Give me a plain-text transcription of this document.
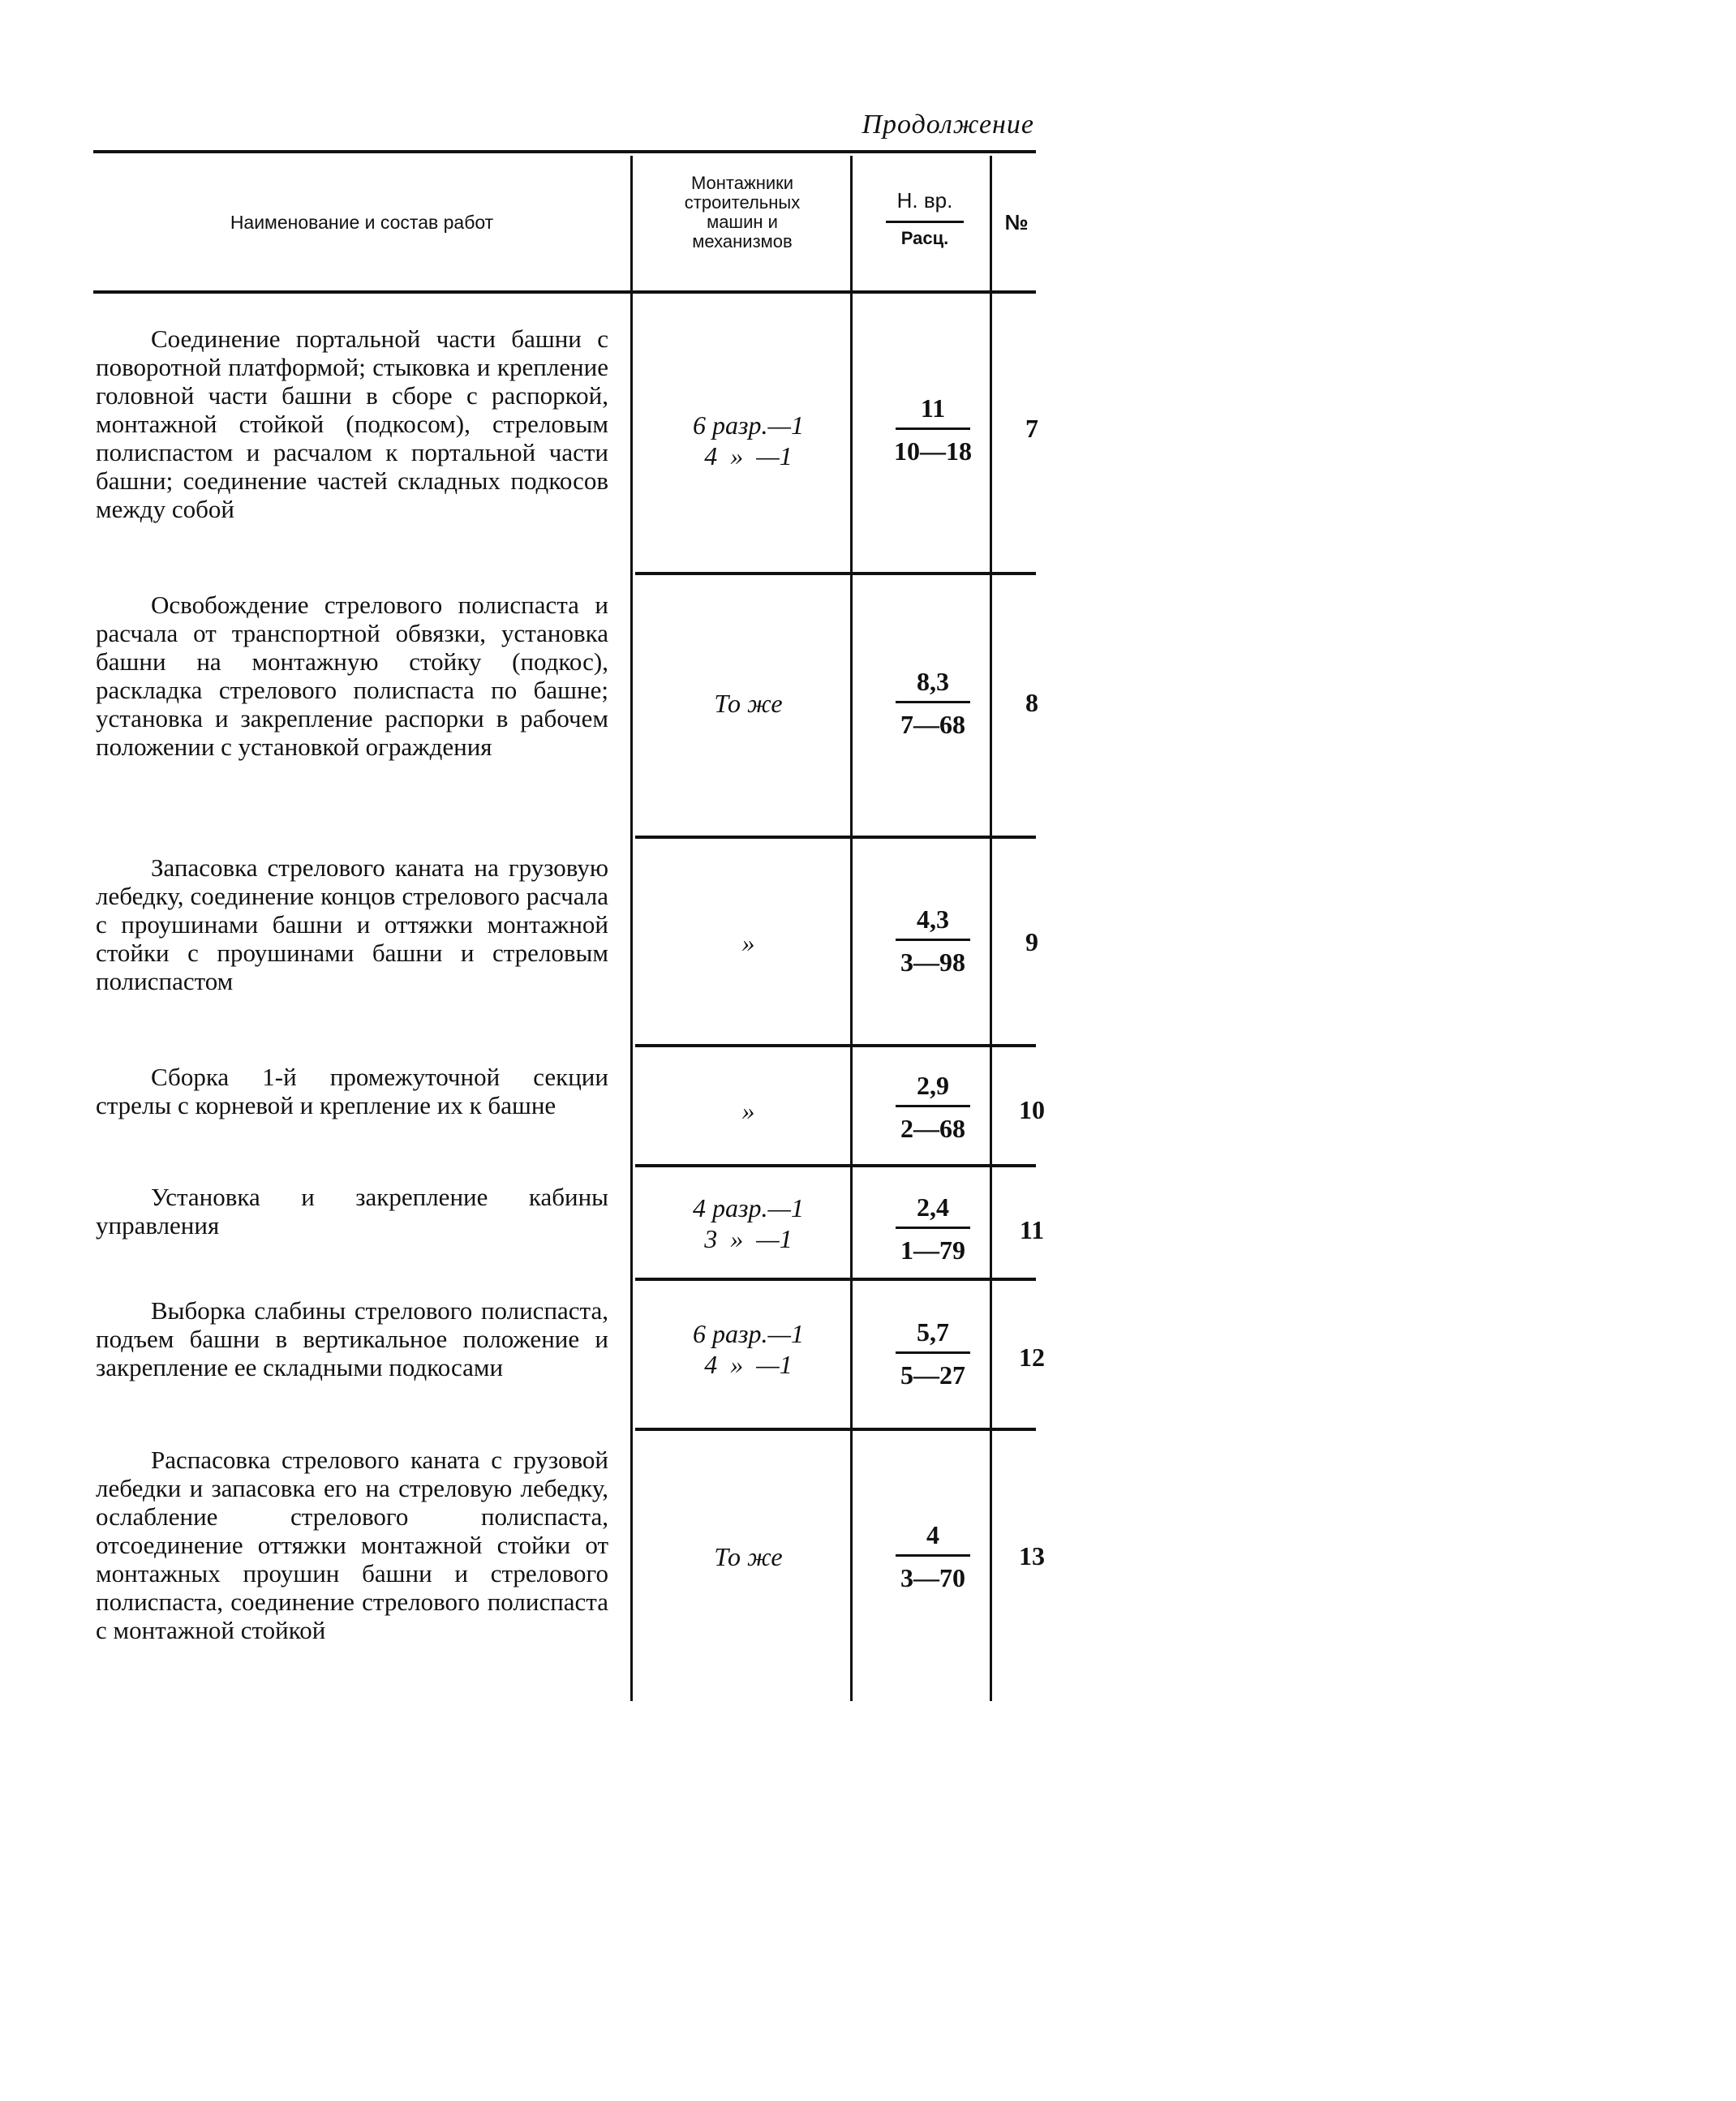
Продолжение
Наименование и состав работ
Монтажники строительных машин и механизмов
Н. вр.
Расц.
№
Соединение портальной части башни с поворотной платформой; стыковка и крепление головной части башни в сборе с распоркой, монтажной стойкой (подкосом), стреловым полиспастом и расчалом к портальной части башни; соединение частей складных подкосов между собой
6 разр.—1
4  »  —1
11
10—18
7
Освобождение стрелового полиспаста и расчала от транспортной обвязки, установка башни на монтажную стойку (подкос), раскладка стрелового полиспаста по башне; установка и закрепление распорки в рабочем положении с установкой ограждения
То же
8,3
7—68
8
Запасовка стрелового каната на грузовую лебедку, соединение концов стрелового расчала с проушинами башни и оттяжки монтажной стойки с проушинами башни и стреловым полиспастом
»
4,3
3—98
9
Сборка 1-й промежуточной секции стрелы с корневой и крепление их к башне	»
2,9
2—68
10
Установка и закрепление кабины управления
4 разр.—1
3  »  —1
2,4
1—79
11
Выборка слабины стрелового полиспаста, подъем башни в вертикальное положение и закрепление ее складными подкосами
6 разр.—1
4  »  —1
5,7
5—27
12
Распасовка стрелового каната с грузовой лебедки и запасовка его на стреловую лебедку, ослабление стрелового полиспаста, отсоединение оттяжки монтажной стойки от монтажных проушин башни и стрелового полиспаста, соединение стрелового полиспаста с монтажной стойкой
То же
4
3—70
13
